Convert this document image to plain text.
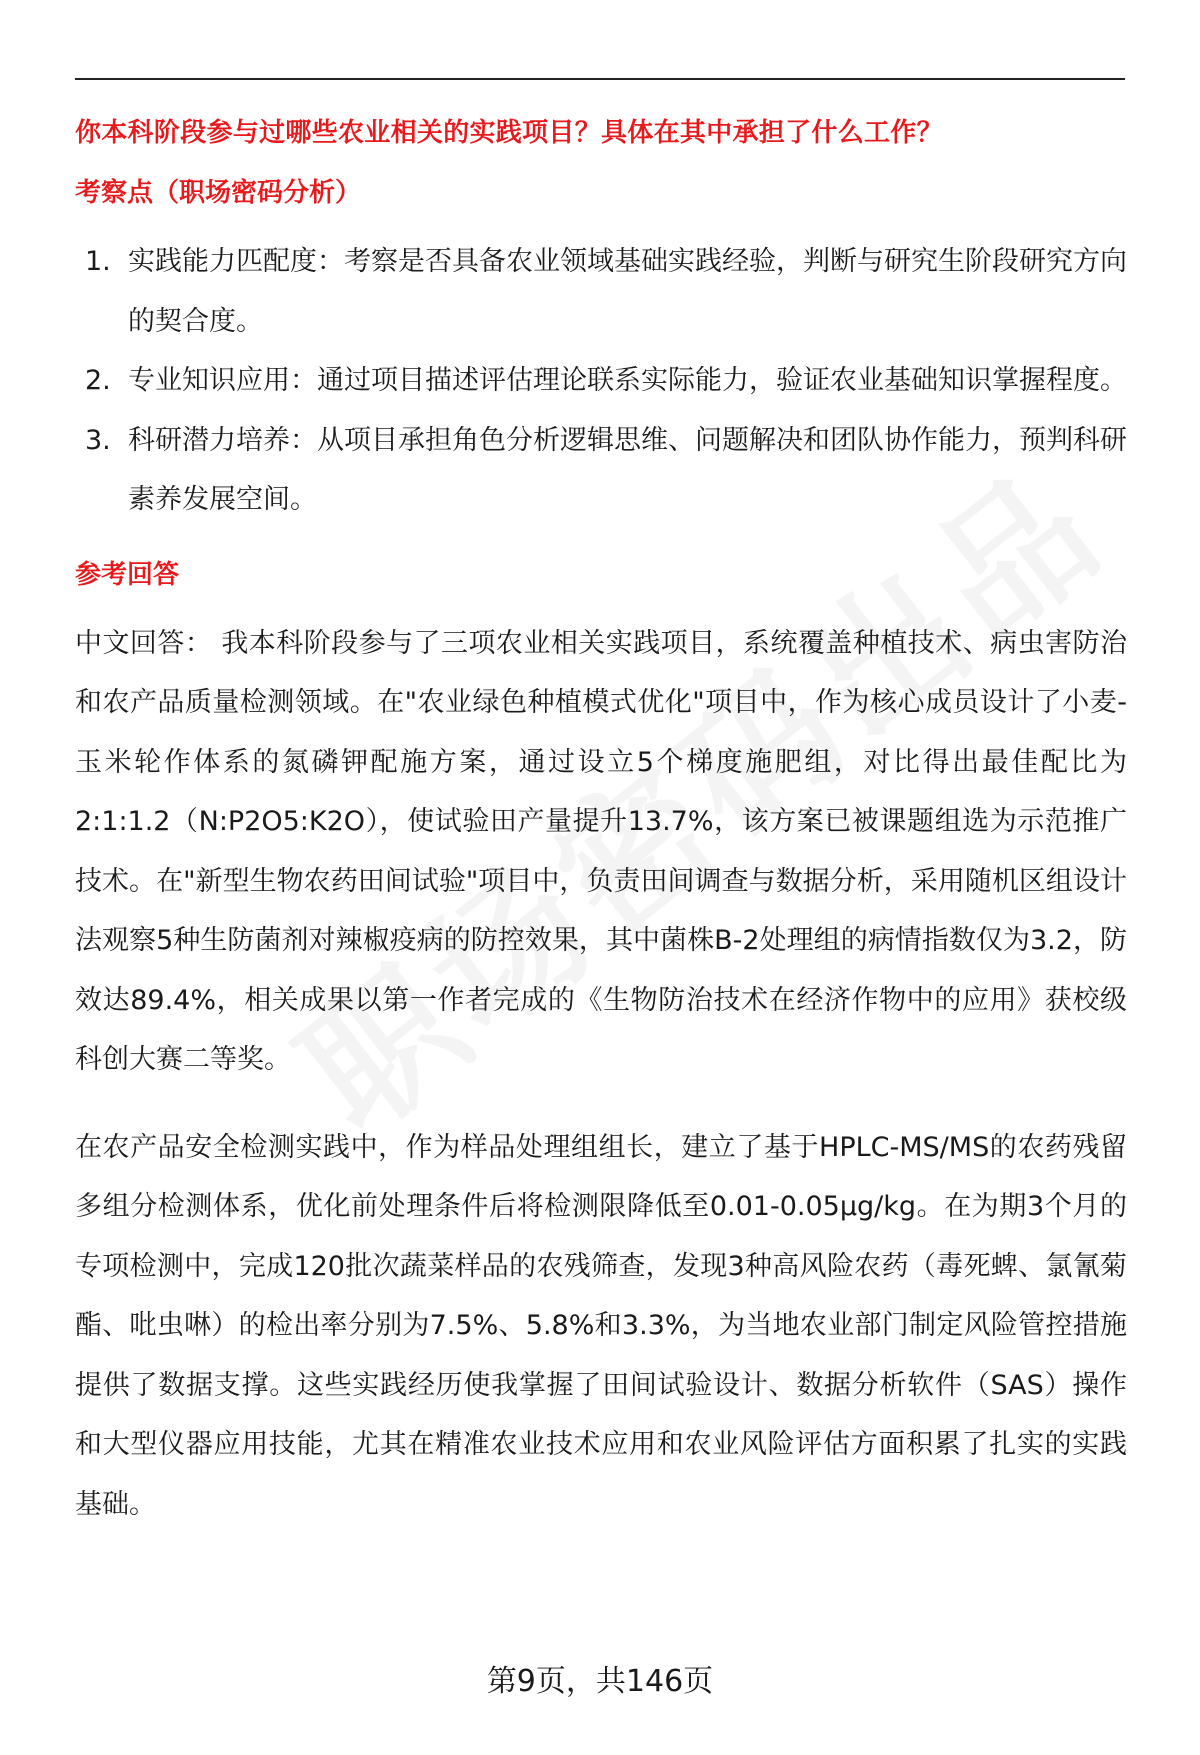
你本科阶段参与过哪些农业相关的实践项目？具体在其中承担了什么工作？
考察点（职场密码分析）
1. 实践能力匹配度：考察是否具备农业领域基础实践经验，判断与研究生阶段研究方向的契合度。
2. 专业知识应用：通过项目描述评估理论联系实际能力，验证农业基础知识掌握程度。
3. 科研潜力培养：从项目承担角色分析逻辑思维、问题解决和团队协作能力，预判科研素养发展空间。
参考回答

中文回答： 我本科阶段参与了三项农业相关实践项目，系统覆盖种植技术、病虫害防治和农产品质量检测领域。在"农业绿色种植模式优化"项目中，作为核心成员设计了小麦-玉米轮作体系的氮磷钾配施方案，通过设立5个梯度施肥组，对比得出最佳配比为2:1:1.2（N:P2O5:K2O），使试验田产量提升13.7%，该方案已被课题组选为示范推广技术。在"新型生物农药田间试验"项目中，负责田间调查与数据分析，采用随机区组设计法观察5种生防菌剂对辣椒疫病的防控效果，其中菌株B-2处理组的病情指数仅为3.2，防效达89.4%，相关成果以第一作者完成的《生物防治技术在经济作物中的应用》获校级科创大赛二等奖。

在农产品安全检测实践中，作为样品处理组组长，建立了基于HPLC-MS/MS的农药残留多组分检测体系，优化前处理条件后将检测限降低至0.01-0.05μg/kg。在为期3个月的专项检测中，完成120批次蔬菜样品的农残筛查，发现3种高风险农药（毒死蜱、氯氰菊酯、吡虫啉）的检出率分别为7.5%、5.8%和3.3%，为当地农业部门制定风险管控措施提供了数据支撑。这些实践经历使我掌握了田间试验设计、数据分析软件（SAS）操作和大型仪器应用技能，尤其在精准农业技术应用和农业风险评估方面积累了扎实的实践基础。

第9页，共146页
